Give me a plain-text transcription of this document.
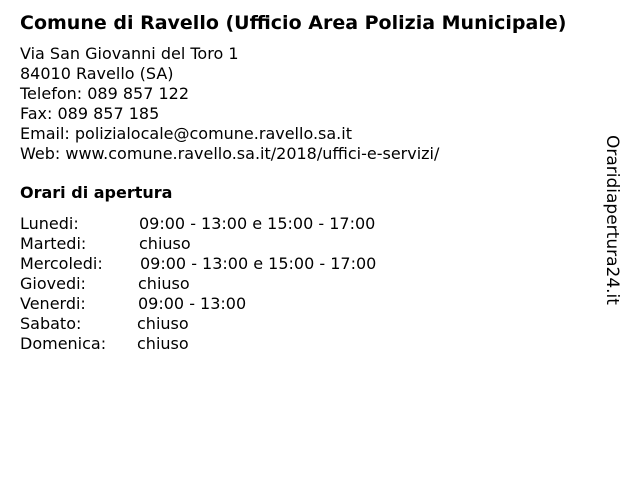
Comune di Ravello (Ufficio Area Polizia Municipale)
Via San Giovanni del Toro 1
84010 Ravello (SA)
Telefon: 089 857 122
Fax: 089 857 185
Email: polizialocale@comune.ravello.sa.it
Web: www.comune.ravello.sa.it/2018/uffici-e-servizi/
Orari di apertura
Lunedi:	09:00 - 13:00 e 15:00 - 17:00
Martedi:	chiuso
Mercoledi: 09:00 - 13:00 e 15:00 - 17:00
Giovedi:	chiuso
Venerdi:	09:00 - 13:00
Sabato:	chiuso
Domenica: chiuso
Oraridiapertura24.it
